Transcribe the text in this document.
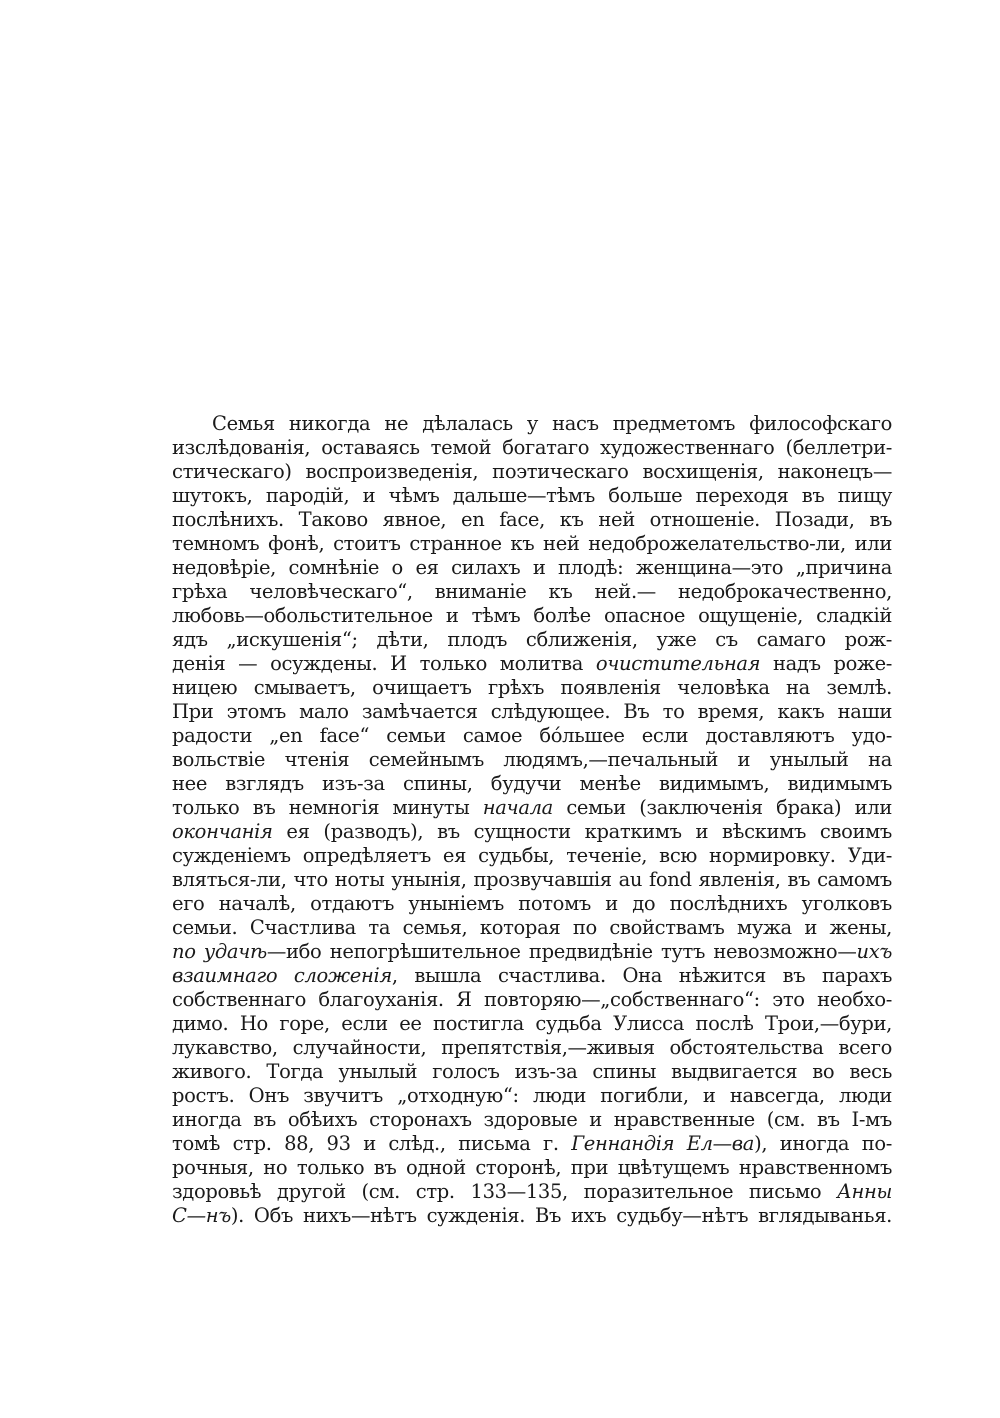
Семья никогда не дѣлалась у насъ предметомъ философскаго
изслѣдованія, оставаясь темой богатаго художественнаго (беллетри-
стическаго) воспроизведенія, поэтическаго восхищенія, наконецъ—
шутокъ, пародій, и чѣмъ дальше—тѣмъ больше переходя въ пищу
послѣнихъ. Таково явное, en face, къ ней отношеніе. Позади, въ
темномъ фонѣ, стоитъ странное къ ней недоброжелательство-ли, или
недовѣріе, сомнѣніе о ея силахъ и плодѣ: женщина—это „причина
грѣха человѣческаго“, вниманіе къ ней.— недоброкачественно,
любовь—обольстительное и тѣмъ болѣе опасное ощущеніе, сладкій
ядъ „искушенія“; дѣти, плодъ сближенія, уже съ самаго рож-
денія — осуждены. И только молитва очистительная надъ роже-
ницею смываетъ, очищаетъ грѣхъ появленія человѣка на землѣ.
При этомъ мало замѣчается слѣдующее. Въ то время, какъ наши
радости „en face“ семьи самое бо́льшее если доставляютъ удо-
вольствіе чтенія семейнымъ людямъ,—печальный и унылый на
нее взглядъ изъ-за спины, будучи менѣе видимымъ, видимымъ
только въ немногія минуты начала семьи (заключенія брака) или
окончанія ея (разводъ), въ сущности краткимъ и вѣскимъ своимъ
сужденіемъ опредѣляетъ ея судьбы, теченіе, всю нормировку. Уди-
вляться-ли, что ноты унынія, прозвучавшія au fond явленія, въ самомъ
его началѣ, отдаютъ уныніемъ потомъ и до послѣднихъ уголковъ
семьи. Счастлива та семья, которая по свойствамъ мужа и жены,
по удачѣ—ибо непогрѣшительное предвидѣніе тутъ невозможно—ихъ
взаимнаго сложенія, вышла счастлива. Она нѣжится въ парахъ
собственнаго благоуханія. Я повторяю—„собственнаго“: это необхо-
димо. Но горе, если ее постигла судьба Улисса послѣ Трои,—бури,
лукавство, случайности, препятствія,—живыя обстоятельства всего
живого. Тогда унылый голосъ изъ-за спины выдвигается во весь
ростъ. Онъ звучитъ „отходную“: люди погибли, и навсегда, люди
иногда въ обѣихъ сторонахъ здоровые и нравственные (см. въ I-мъ
томѣ стр. 88, 93 и слѣд., письма г. Геннандія Ел—ва), иногда по-
рочныя, но только въ одной сторонѣ, при цвѣтущемъ нравственномъ
здоровьѣ другой (см. стр. 133—135, поразительное письмо Анны
С—нъ). Объ нихъ—нѣтъ сужденія. Въ ихъ судьбу—нѣтъ вглядыванья.
